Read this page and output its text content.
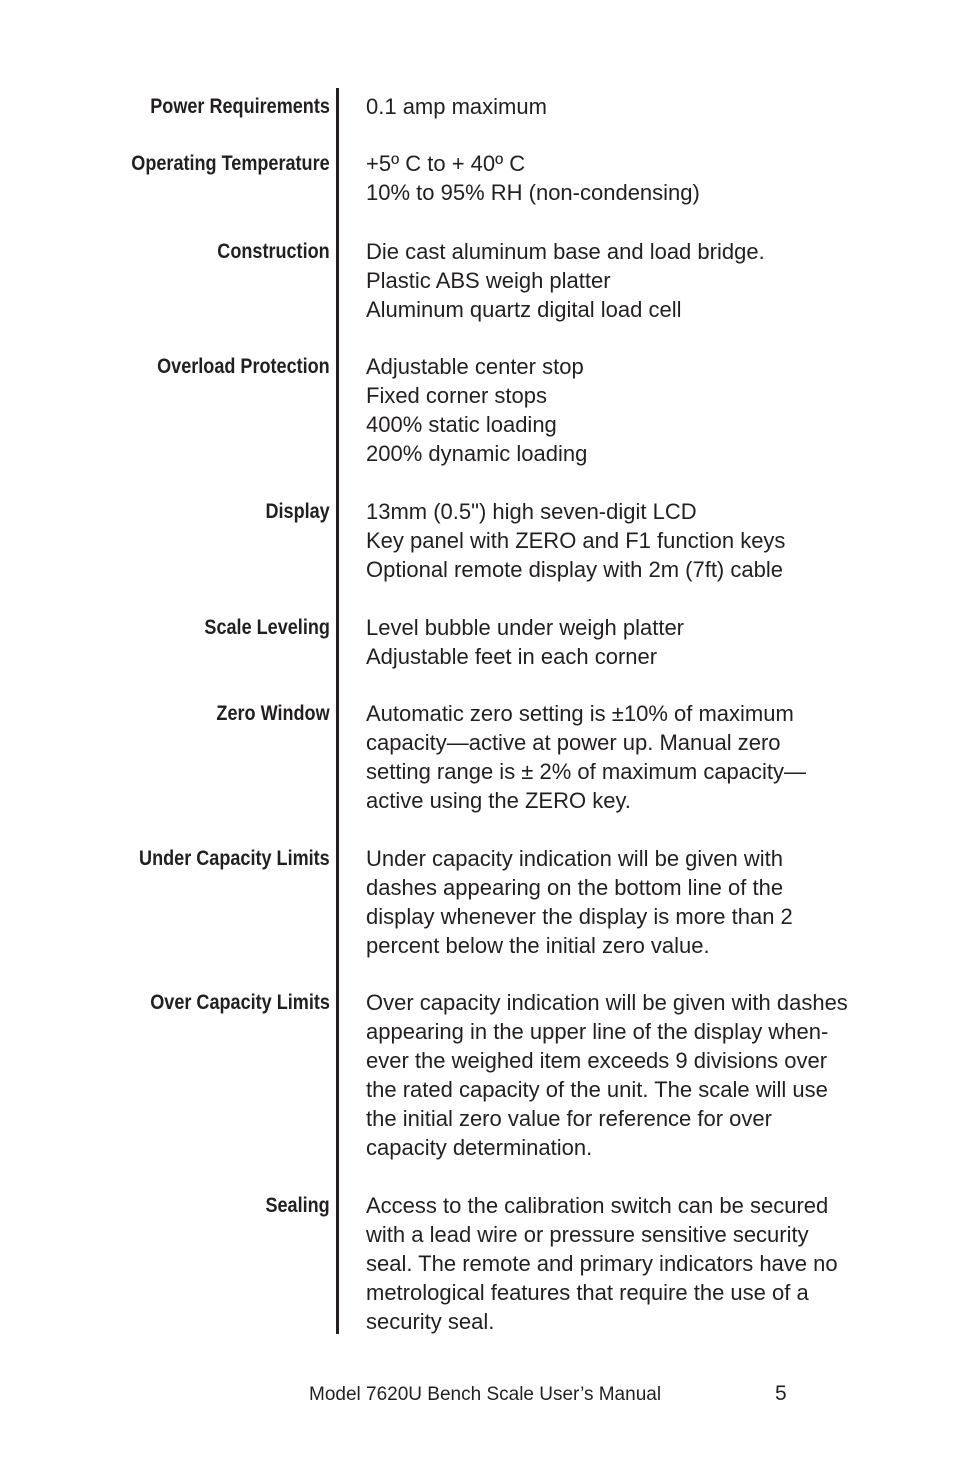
Power Requirements 0.1 amp maximum
Operating Temperature +5º C to + 40º C
10% to 95% RH (non-condensing)
Construction Die cast aluminum base and load bridge.
Plastic ABS weigh platter
Aluminum quartz digital load cell
Overload Protection Adjustable center stop
Fixed corner stops
400% static loading
200% dynamic loading
Display 13mm (0.5") high seven-digit LCD
Key panel with ZERO and F1 function keys
Optional remote display with 2m (7ft) cable
Scale Leveling Level bubble under weigh platter
Adjustable feet in each corner
Zero Window Automatic zero setting is ±10% of maximum
capacity—active at power up. Manual zero
setting range is ± 2% of maximum capacity—
active using the ZERO key.
Under Capacity Limits Under capacity indication will be given with
dashes appearing on the bottom line of the
display whenever the display is more than 2
percent below the initial zero value.
Over Capacity Limits Over capacity indication will be given with dashes
appearing in the upper line of the display when-
ever the weighed item exceeds 9 divisions over
the rated capacity of the unit. The scale will use
the initial zero value for reference for over
capacity determination.
Sealing Access to the calibration switch can be secured
with a lead wire or pressure sensitive security
seal. The remote and primary indicators have no
metrological features that require the use of a
security seal.
Model 7620U Bench Scale User’s Manual	5
